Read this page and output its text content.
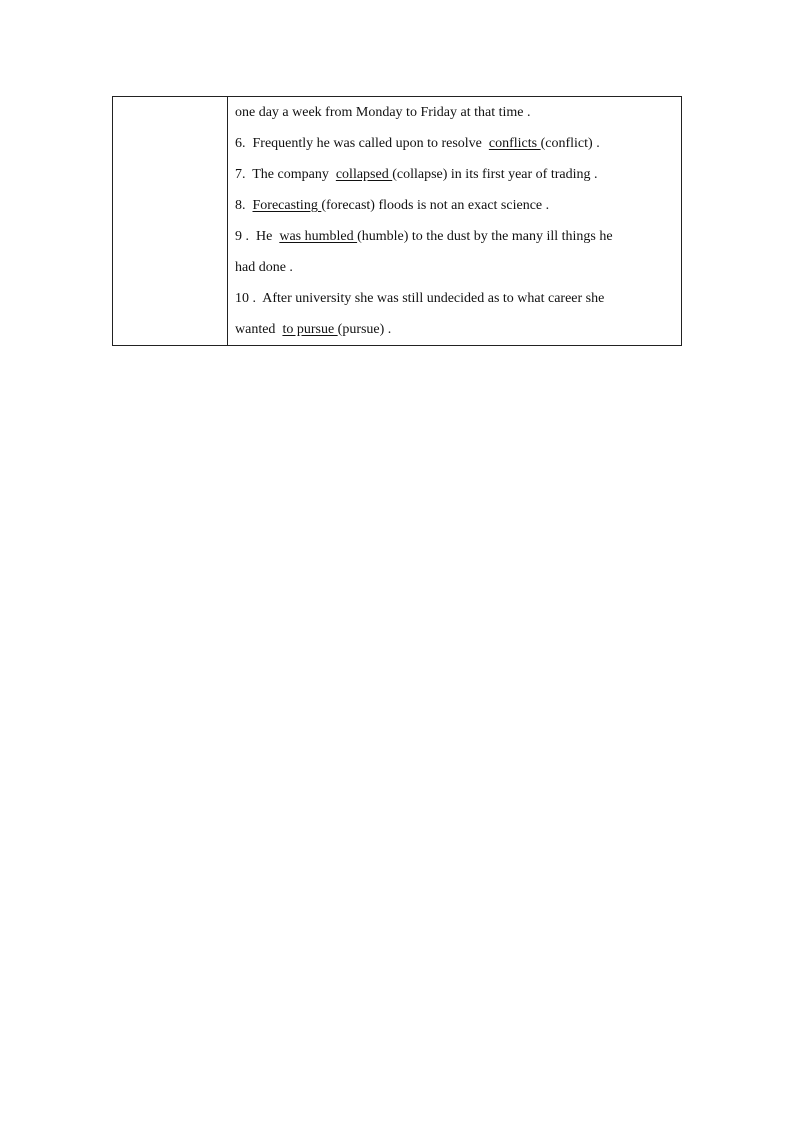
one day a week from Monday to Friday at that time .
6. Frequently he was called upon to resolve conflicts (conflict) .
7. The company collapsed (collapse) in its first year of trading .
8. Forecasting (forecast) floods is not an exact science .
9 . He was humbled (humble) to the dust by the many ill things he
had done .
10 . After university she was still undecided as to what career she
wanted to pursue (pursue) .
